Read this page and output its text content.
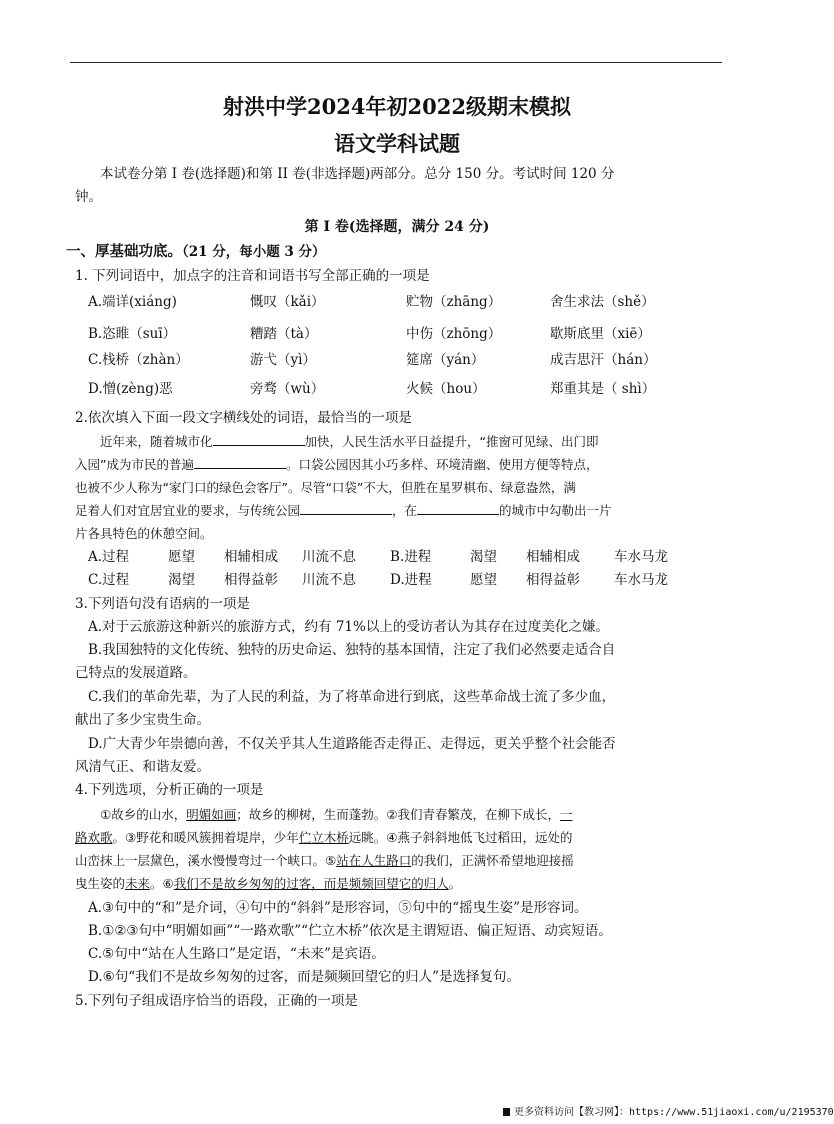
射洪中学2024年初2022级期末模拟
语文学科试题
本试卷分第 I 卷(选择题)和第 II 卷(非选择题)两部分。总分 150 分。考试时间 120 分
钟。
第 I 卷(选择题，满分 24 分)
一、厚基础功底。（21 分，每小题 3 分）
1. 下列词语中，加点字的注音和词语书写全部正确的一项是
A.端详(xiáng)	慨叹（kǎi）	贮物（zhāng）	舍生求法（shě）
B.恣睢（suī）	糟踏（tà）	中伤（zhōng）	歇斯底里（xiē）
C.栈桥（zhàn）	游弋（yì）	筵席（yán）	成吉思汗（hán）
D.憎(zèng)恶	旁骛（wù）	火候（hou）	郑重其是（ shì）
2.依次填入下面一段文字横线处的词语，最恰当的一项是
近年来，随着城市化	加快，人民生活水平日益提升，“推窗可见绿、出门即
入园”成为市民的普遍	。口袋公园因其小巧多样、环境清幽、使用方便等特点，
也被不少人称为“家门口的绿色会客厅”。尽管“口袋”不大，但胜在星罗棋布、绿意盎然，满
足着人们对宜居宜业的要求，与传统公园	，在	的城市中勾勒出一片
片各具特色的休憩空间。
A.过程	愿望 相辅相成 川流不息	B.进程	渴望 相辅相成	车水马龙
C.过程	渴望 相得益彰 川流不息	D.进程	愿望 相得益彰	车水马龙
3.下列语句没有语病的一项是
A.对于云旅游这种新兴的旅游方式，约有 71%以上的受访者认为其存在过度美化之嫌。
B.我国独特的文化传统、独特的历史命运、独特的基本国情，注定了我们必然要走适合自
己特点的发展道路。
C.我们的革命先辈，为了人民的利益，为了将革命进行到底，这些革命战士流了多少血，
献出了多少宝贵生命。
D.广大青少年崇德向善，不仅关乎其人生道路能否走得正、走得远，更关乎整个社会能否
风清气正、和谐友爱。
4.下列选项，分析正确的一项是
①故乡的山水，明媚如画；故乡的柳树，生而蓬勃。②我们青春繁茂，在柳下成长，一
路欢歌。③野花和暖风簇拥着堤岸，少年伫立木桥远眺。④燕子斜斜地低飞过稻田，远处的
山峦抹上一层黛色，溪水慢慢弯过一个峡口。⑤站在人生路口的我们，正满怀希望地迎接摇
曳生姿的未来。⑥我们不是故乡匆匆的过客，而是频频回望它的归人。
A.③句中的“和”是介词，④句中的“斜斜”是形容词，⑤句中的“摇曳生姿”是形容词。
B.①②③句中“明媚如画”“一路欢歌”“伫立木桥”依次是主谓短语、偏正短语、动宾短语。
C.⑤句中“站在人生路口”是定语，“未来”是宾语。
D.⑥句“我们不是故乡匆匆的过客，而是频频回望它的归人”是选择复句。
5.下列句子组成语序恰当的语段，正确的一项是
更多资料访问【教习网】：https://www.51jiaoxi.com/u/2195370
